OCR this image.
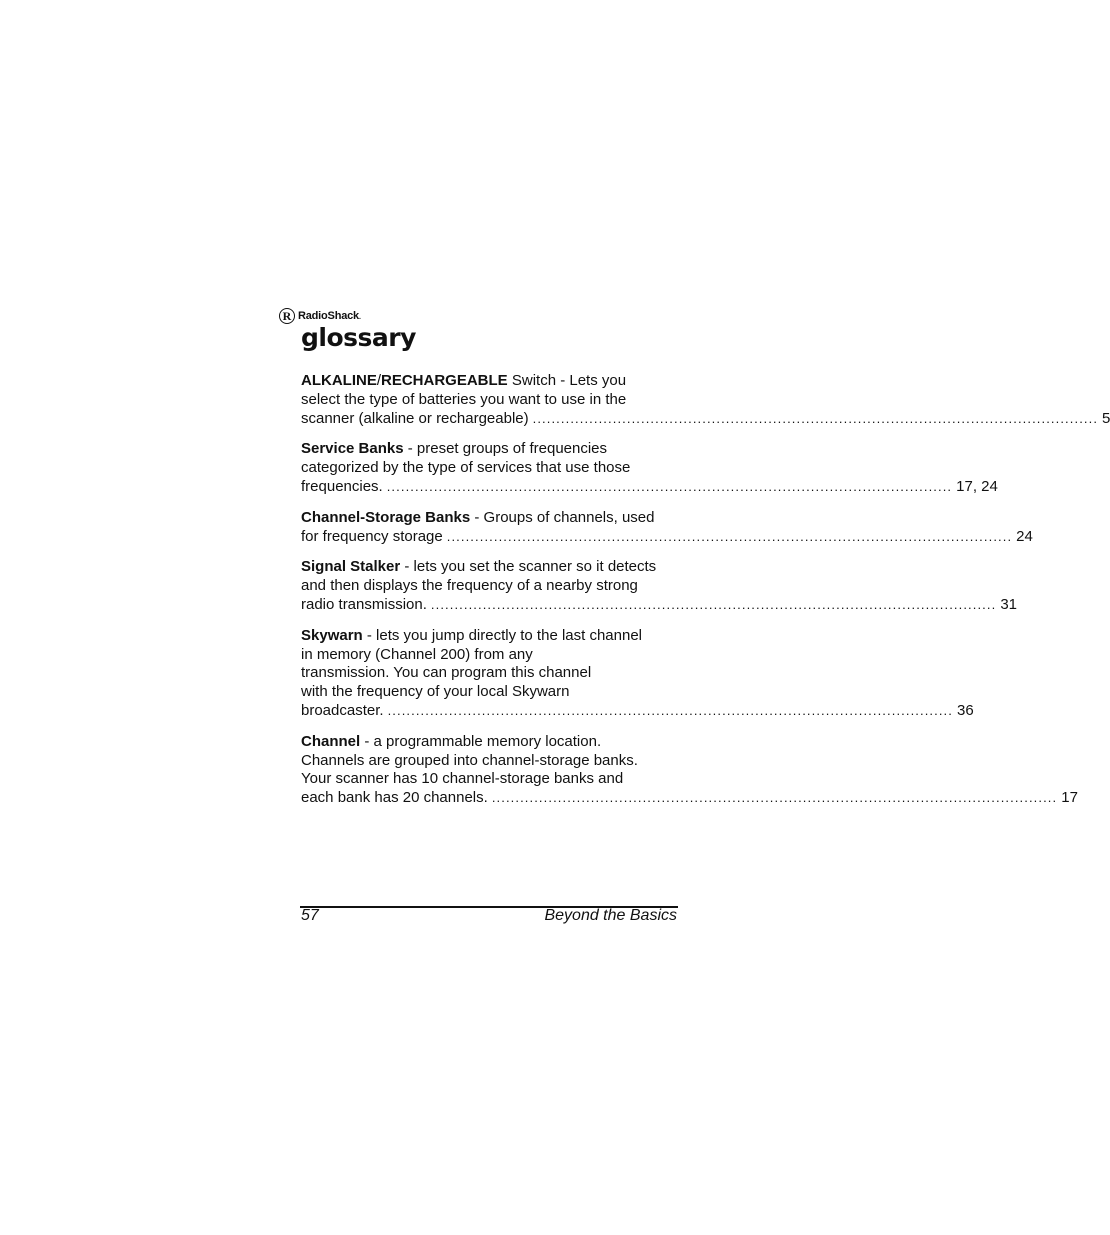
R RadioShack.
glossary
ALKALINE/RECHARGEABLE Switch - Lets you
select the type of batteries you want to use in the
scanner (alkaline or rechargeable) ........................................................................................................................ 5
Service Banks - preset groups of frequencies
categorized by the type of services that use those
frequencies. ........................................................................................................................ 17, 24
Channel-Storage Banks - Groups of channels, used
for frequency storage ........................................................................................................................ 24
Signal Stalker - lets you set the scanner so it detects
and then displays the frequency of a nearby strong
radio transmission. ........................................................................................................................ 31
Skywarn - lets you jump directly to the last channel
in memory (Channel 200) from any
transmission. You can program this channel
with the frequency of your local Skywarn
broadcaster. ........................................................................................................................ 36
Channel - a programmable memory location.
Channels are grouped into channel-storage banks.
Your scanner has 10 channel-storage banks and
each bank has 20 channels. ........................................................................................................................ 17
57	Beyond the Basics
